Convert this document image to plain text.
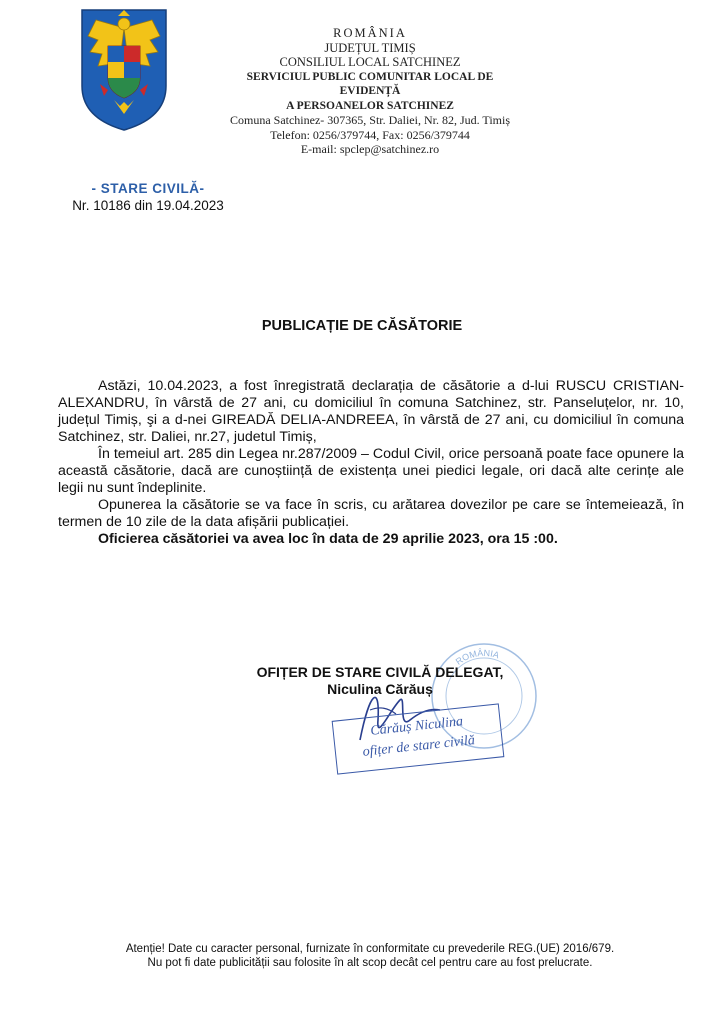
ROMÂNIA
JUDEȚUL TIMIȘ
CONSILIUL LOCAL SATCHINEZ
SERVICIUL PUBLIC COMUNITAR LOCAL DE EVIDENȚĂ
A PERSOANELOR SATCHINEZ
Comuna Satchinez- 307365, Str. Daliei, Nr. 82, Jud. Timiș
Telefon: 0256/379744, Fax: 0256/379744
E-mail: spclep@satchinez.ro
- STARE CIVILĂ-
Nr. 10186 din 19.04.2023
PUBLICAȚIE DE CĂSĂTORIE

Astăzi, 10.04.2023, a fost înregistrată declarația de căsătorie a d-lui RUSCU CRISTIAN-ALEXANDRU, în vârstă de 27 ani, cu domiciliul în comuna Satchinez, str. Panseluțelor, nr. 10, județul Timiș, şi a d-nei GIREADĂ DELIA-ANDREEA, în vârstă de 27 ani, cu domiciliul în comuna Satchinez, str. Daliei, nr.27, judetul Timiș,

În temeiul art. 285 din Legea nr.287/2009 – Codul Civil, orice persoană poate face opunere la această căsătorie, dacă are cunoștiință de existența unei piedici legale, ori dacă alte cerințe ale legii nu sunt îndeplinite.

Opunerea la căsătorie se va face în scris, cu arătarea dovezilor pe care se întemeiează, în termen de 10 zile de la data afișării publicației.

Oficierea căsătoriei va avea loc în data de 29 aprilie 2023, ora 15 :00.

ROMÂNIA
OFIȚER DE STARE CIVILĂ DELEGAT,
Niculina Cărăuș
Cărăuș Niculina
ofițer de stare civilă
Atenție! Date cu caracter personal, furnizate în conformitate cu prevederile REG.(UE) 2016/679.
Nu pot fi date publicității sau folosite în alt scop decât cel pentru care au fost prelucrate.
